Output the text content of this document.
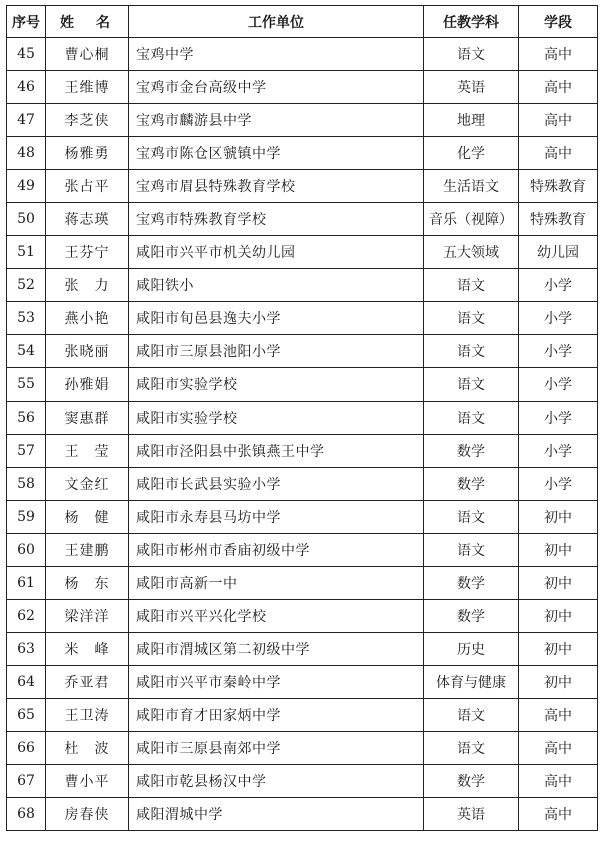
序号	姓　名	工作单位	任教学科	学段
45	曹心桐	宝鸡中学	语文	高中
46	王维博	宝鸡市金台高级中学	英语	高中
47	李芝侠	宝鸡市麟游县中学	地理	高中
48	杨雅勇	宝鸡市陈仓区虢镇中学	化学	高中
49	张占平	宝鸡市眉县特殊教育学校	生活语文	特殊教育
50	蒋志瑛	宝鸡市特殊教育学校	音乐（视障）	特殊教育
51	王芬宁	咸阳市兴平市机关幼儿园	五大领域	幼儿园
52	张　力	咸阳铁小	语文	小学
53	燕小艳	咸阳市旬邑县逸夫小学	语文	小学
54	张晓丽	咸阳市三原县池阳小学	语文	小学
55	孙雅娟	咸阳市实验学校	语文	小学
56	窦惠群	咸阳市实验学校	语文	小学
57	王　莹	咸阳市泾阳县中张镇燕王中学	数学	小学
58	文金红	咸阳市长武县实验小学	数学	小学
59	杨　健	咸阳市永寿县马坊中学	语文	初中
60	王建鹏	咸阳市彬州市香庙初级中学	语文	初中
61	杨　东	咸阳市高新一中	数学	初中
62	梁洋洋	咸阳市兴平兴化学校	数学	初中
63	米　峰	咸阳市渭城区第二初级中学	历史	初中
64	乔亚君	咸阳市兴平市秦岭中学	体育与健康	初中
65	王卫涛	咸阳市育才田家炳中学	语文	高中
66	杜　波	咸阳市三原县南郊中学	语文	高中
67	曹小平	咸阳市乾县杨汉中学	数学	高中
68	房春侠	咸阳渭城中学	英语	高中
